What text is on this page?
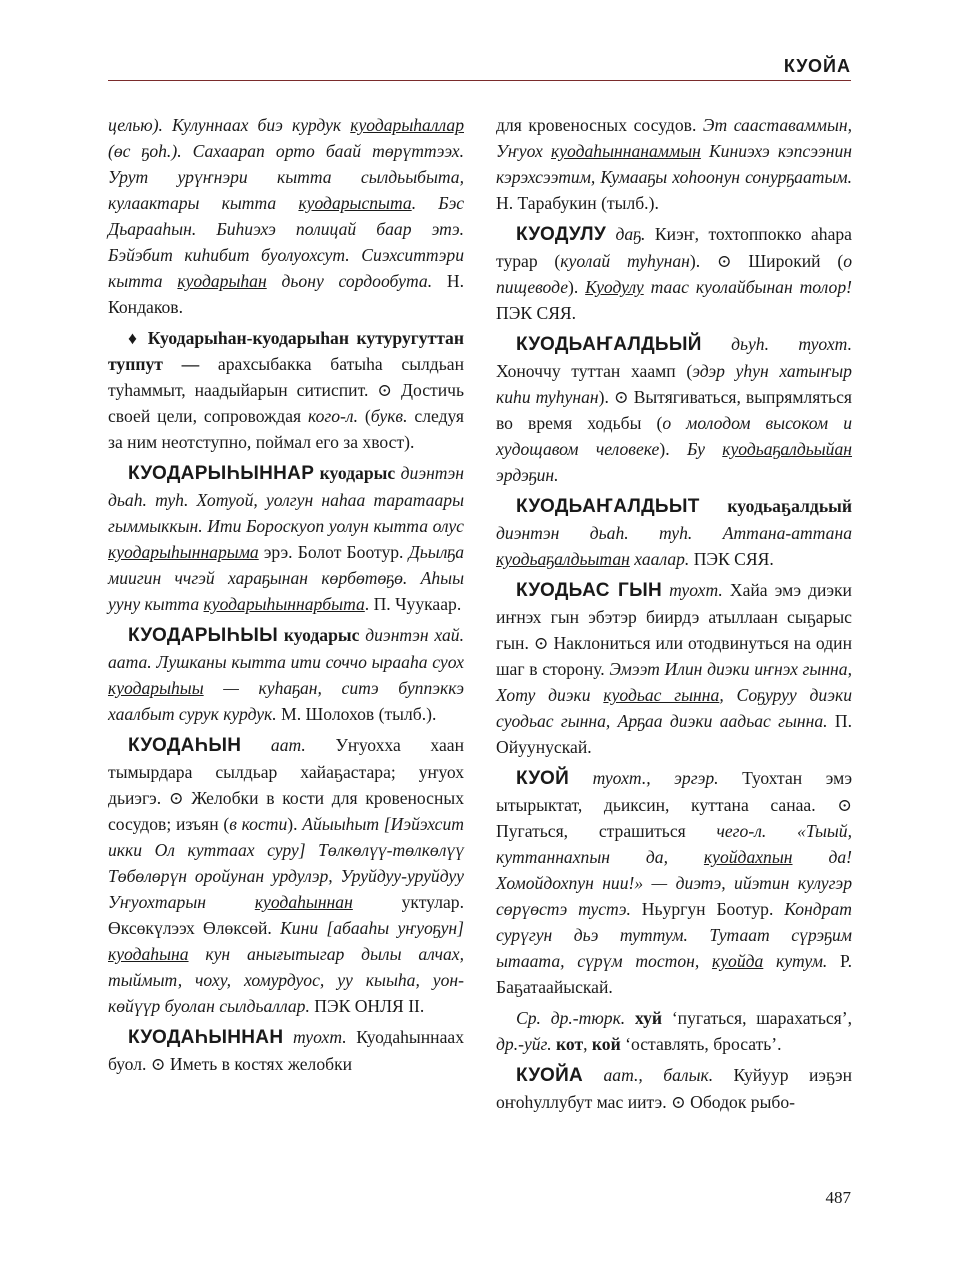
КУОЙА

целью). Кулуннаах биэ курдук куодарыһаллар (өс ҕоһ.). Сахаарап орто баай төрүттээх. Урут урүҥнэри кытта сылдьыбыта, кулаактары кытта куодарыспыта. Бэс Дьарааһын. Биһиэхэ полицай баар этэ. Бэйэбит киһибит буолуохсут. Сиэхситтэри кытта куодарыһан дьону сордообута. Н. Кондаков.

♦ Куодарыһан-куодарыһан кутуругуттан туппут — арахсыбакка батыһа сылдьан туһаммыт, наадыйарын ситиспит. ⊙ Достичь своей цели, сопровождая кого-л. (букв. следуя за ним неотступно, поймал его за хвост).

КУОДАРЫҺЫННАР куодарыс диэнтэн дьаһ. туһ. Хотуой, уолгун наһаа таратаары гыммыккын. Ити Бороскуоп уолун кытта олус куодарыһыннарыма эрэ. Болот Боотур. Дьылҕа миигин ччгэй хараҕынан көрбөтөҕө. Аһыы ууну кытта куодарыһыннарбыта. П. Чуукаар.

КУОДАРЫҺЫЫ куодарыс диэнтэн хай. аата. Лушканы кытта ити соччо ырааһа суох куодарыһыы — куһаҕан, ситэ буппэккэ хаалбыт сурук курдук. М. Шолохов (тылб.).

КУОДАҺЫН аат. Уҥуохха хаан тымырдара сылдьар хайаҕастара; уҥуох дьиэгэ. ⊙ Желобки в кости для кровеносных сосудов; изъян (в кости). Айыыһыт [Иэйэхсит икки Ол куттаах суру] Төлкөлүү-төлкөлүү Төбөлөрүн оройунан урдулэр, Уруйдуу-уруйдуу Уҥуохтарын куодаһыннан уктулар. Өксөкүлээх Өлөксөй. Кини [абааһы уҥуоҕун] куодаһына кун анығытыгар дылы алчах, тыймыт, чоху, хомурдуос, уу кыыһа, уон-көйүүр буолан сылдьаллар. ПЭК ОНЛЯ II.

КУОДАҺЫННАН туохт. Куодаһыннаах буол. ⊙ Иметь в костях желобки

для кровеносных сосудов. Эт сааставаммын, Уҥуох куодаһыннанаммын Киниэхэ кэпсээнин кэрэхсээтим, Кумааҕы хоһоонун сонурҕаатым. Н. Тарабукин (тылб.).

КУОДУЛУ даҕ. Киэҥ, тохтоппокко аһара турар (куолай туһунан). ⊙ Широкий (о пищеводе). Куодулу таас куолайбынан толор! ПЭК СЯЯ.

КУОДЬАҤАЛДЬЫЙ дьуһ. туохт. Хоноччу туттан хаамп (эдэр уһун хатыҥыр киһи туһунан). ⊙ Вытягиваться, выпрямляться во время ходьбы (о молодом высоком и худощавом человеке). Бу куодьаҕалдьыйан эрдэҕин.

КУОДЬАҤАЛДЬЫТ куодьаҕалдьый диэнтэн дьаһ. туһ. Аттана-аттана куодьаҕалдьытан хаалар. ПЭК СЯЯ.

КУОДЬАС ГЫН туохт. Хайа эмэ диэки иҥнэх гын эбэтэр биирдэ атыллаан сыҕарыс гын. ⊙ Наклониться или отодвинуться на один шаг в сторону. Эмээт Илин диэки иҥнэх гынна, Хоту диэки куодьас гынна, Соҕуруу диэки суодьас гынна, Арҕаа диэки аадьас гынна. П. Ойуунускай.

КУОЙ туохт., эргэр. Туохтан эмэ ытырыктат, дьиксин, куттана санаа. ⊙ Пугаться, страшиться чего-л. «Тыый, куттаннахпын да, куойдахпын да! Хомойдохпун нии!» — диэтэ, ийэтин кулугэр сөрүөстэ тустэ. Ньургун Боотур. Кондрат сурүгун дьэ туттум. Тутаат сүрэҕим ытаата, сүрүм тостон, куойда кутум. Р. Баҕатаайыскай.

Ср. др.-тюрк. хуй ‘пугаться, шарахаться’, др.-уйг. кот, кой ‘оставлять, бросать’.

КУОЙА аат., балык. Куйуур иэҕэн оҥоһуллубут мас иитэ. ⊙ Ободок рыбо-

487
